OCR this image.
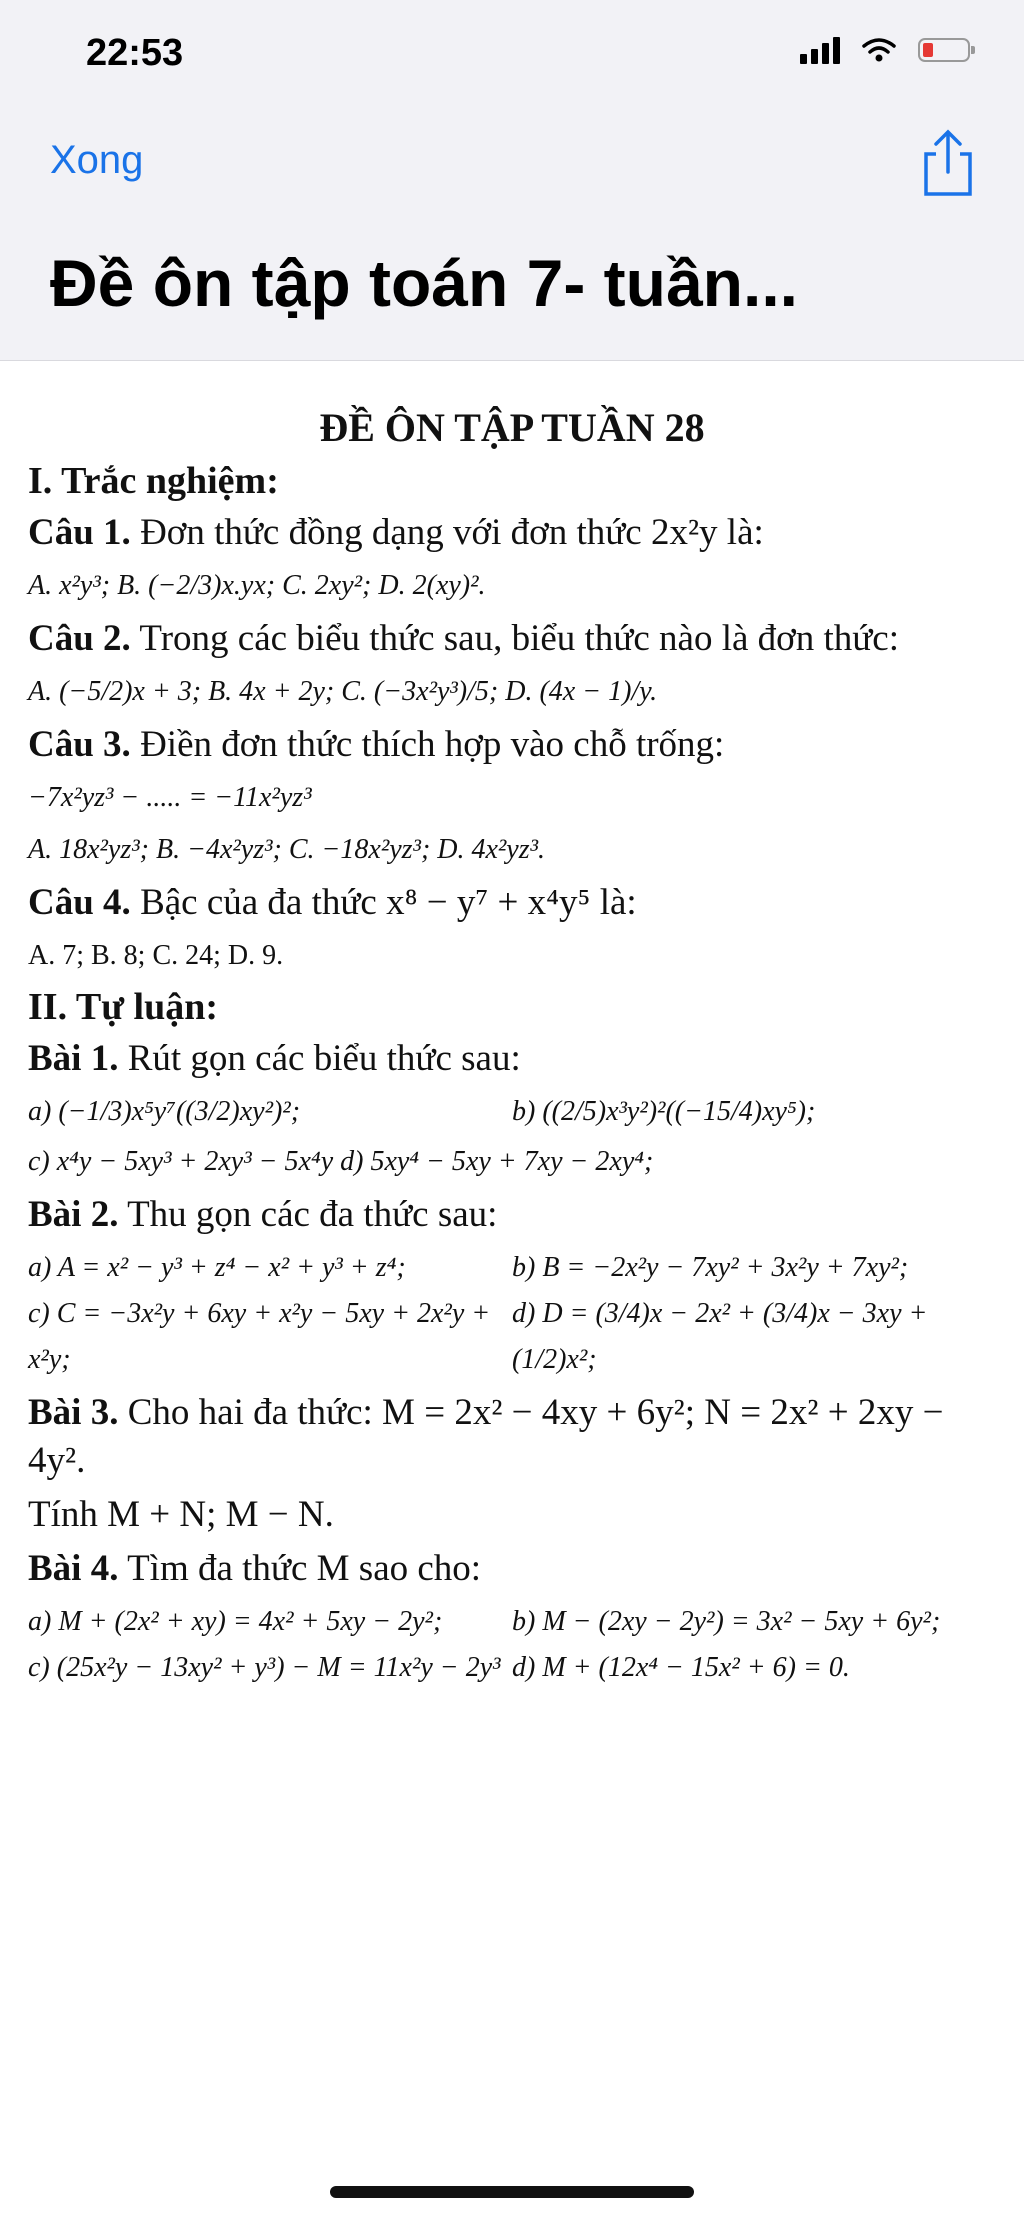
22:53
Xong
Đề ôn tập toán 7- tuần...
ĐỀ ÔN TẬP TUẦN 28
I. Trắc nghiệm:
Câu 1. Đơn thức đồng dạng với đơn thức 2x²y là:
A. x²y³; B. (−2/3)x.yx; C. 2xy²; D. 2(xy)².
Câu 2. Trong các biểu thức sau, biểu thức nào là đơn thức:
A. (−5/2)x + 3; B. 4x + 2y; C. (−3x²y³)/5; D. (4x − 1)/y.
Câu 3. Điền đơn thức thích hợp vào chỗ trống:
−7x²yz³ − ..... = −11x²yz³
A. 18x²yz³; B. −4x²yz³; C. −18x²yz³; D. 4x²yz³.
Câu 4. Bậc của đa thức x⁸ − y⁷ + x⁴y⁵ là:
A. 7; B. 8; C. 24; D. 9.
II. Tự luận:
Bài 1. Rút gọn các biểu thức sau:
a) (−1/3)x⁵y⁷((3/2)xy²)²;	b) ((2/5)x³y²)²((−15/4)xy⁵);
c) x⁴y − 5xy³ + 2xy³ − 5x⁴y d) 5xy⁴ − 5xy + 7xy − 2xy⁴;
Bài 2. Thu gọn các đa thức sau:
a) A = x² − y³ + z⁴ − x² + y³ + z⁴;	b) B = −2x²y − 7xy² + 3x²y + 7xy²;
c) C = −3x²y + 6xy + x²y − 5xy + 2x²y + x²y;
d) D = (3/4)x − 2x² + (3/4)x − 3xy + (1/2)x²;
Bài 3. Cho hai đa thức: M = 2x² − 4xy + 6y²; N = 2x² + 2xy − 4y².
Tính M + N; M − N.
Bài 4. Tìm đa thức M sao cho:
a) M + (2x² + xy) = 4x² + 5xy − 2y²;	b) M − (2xy − 2y²) = 3x² − 5xy + 6y²;
c) (25x²y − 13xy² + y³) − M = 11x²y − 2y³ d) M + (12x⁴ − 15x² + 6) = 0.
